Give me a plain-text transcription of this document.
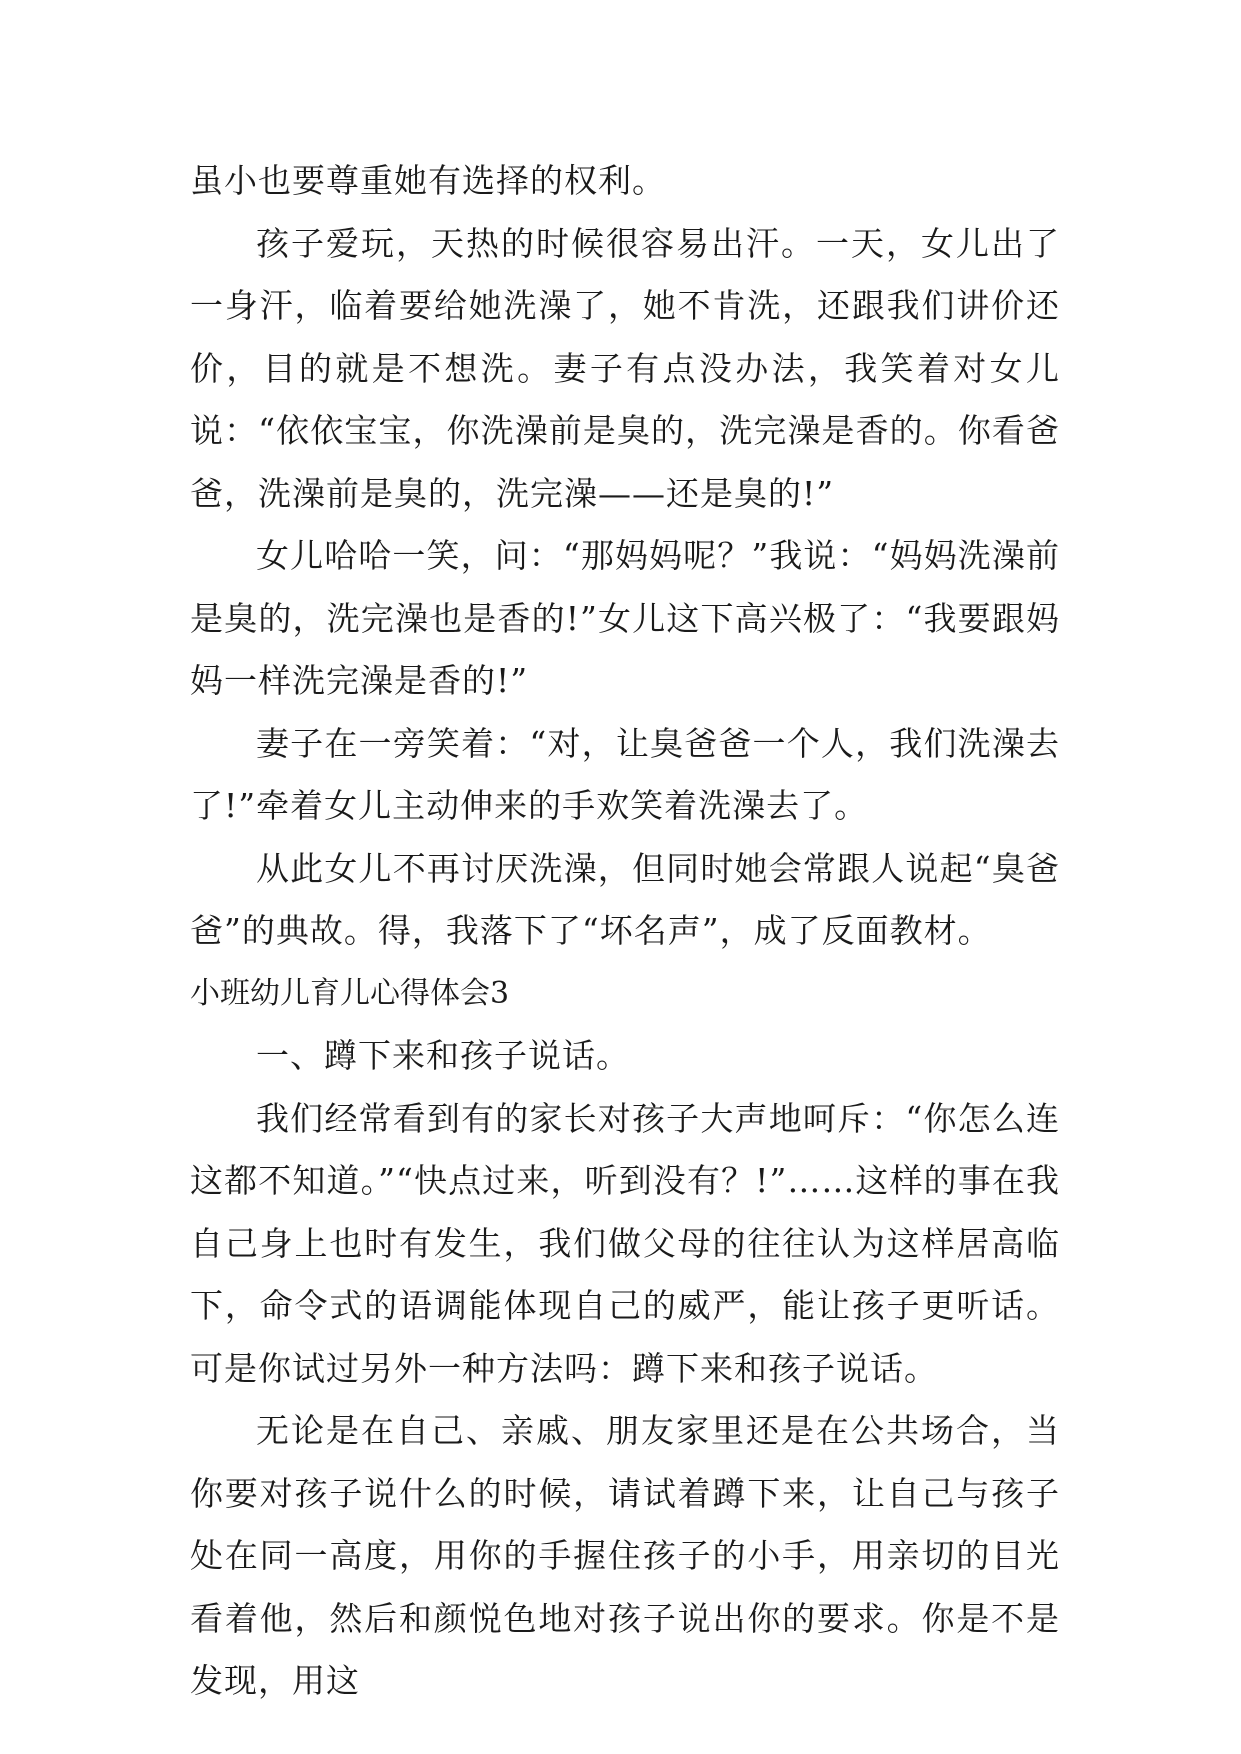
虽小也要尊重她有选择的权利。

孩子爱玩，天热的时候很容易出汗。一天，女儿出了一身汗，临着要给她洗澡了，她不肯洗，还跟我们讲价还价，目的就是不想洗。妻子有点没办法，我笑着对女儿说：“依依宝宝，你洗澡前是臭的，洗完澡是香的。你看爸爸，洗澡前是臭的，洗完澡——还是臭的!”

女儿哈哈一笑，问：“那妈妈呢？”我说：“妈妈洗澡前是臭的，洗完澡也是香的!”女儿这下高兴极了：“我要跟妈妈一样洗完澡是香的!”

妻子在一旁笑着：“对，让臭爸爸一个人，我们洗澡去了!”牵着女儿主动伸来的手欢笑着洗澡去了。

从此女儿不再讨厌洗澡，但同时她会常跟人说起“臭爸爸”的典故。得，我落下了“坏名声”，成了反面教材。

小班幼儿育儿心得体会3

一、蹲下来和孩子说话。

我们经常看到有的家长对孩子大声地呵斥：“你怎么连这都不知道。”“快点过来，听到没有？!”……这样的事在我自己身上也时有发生，我们做父母的往往认为这样居高临下，命令式的语调能体现自己的威严，能让孩子更听话。可是你试过另外一种方法吗：蹲下来和孩子说话。

无论是在自己、亲戚、朋友家里还是在公共场合，当你要对孩子说什么的时候，请试着蹲下来，让自己与孩子处在同一高度，用你的手握住孩子的小手，用亲切的目光看着他，然后和颜悦色地对孩子说出你的要求。你是不是发现，用这
